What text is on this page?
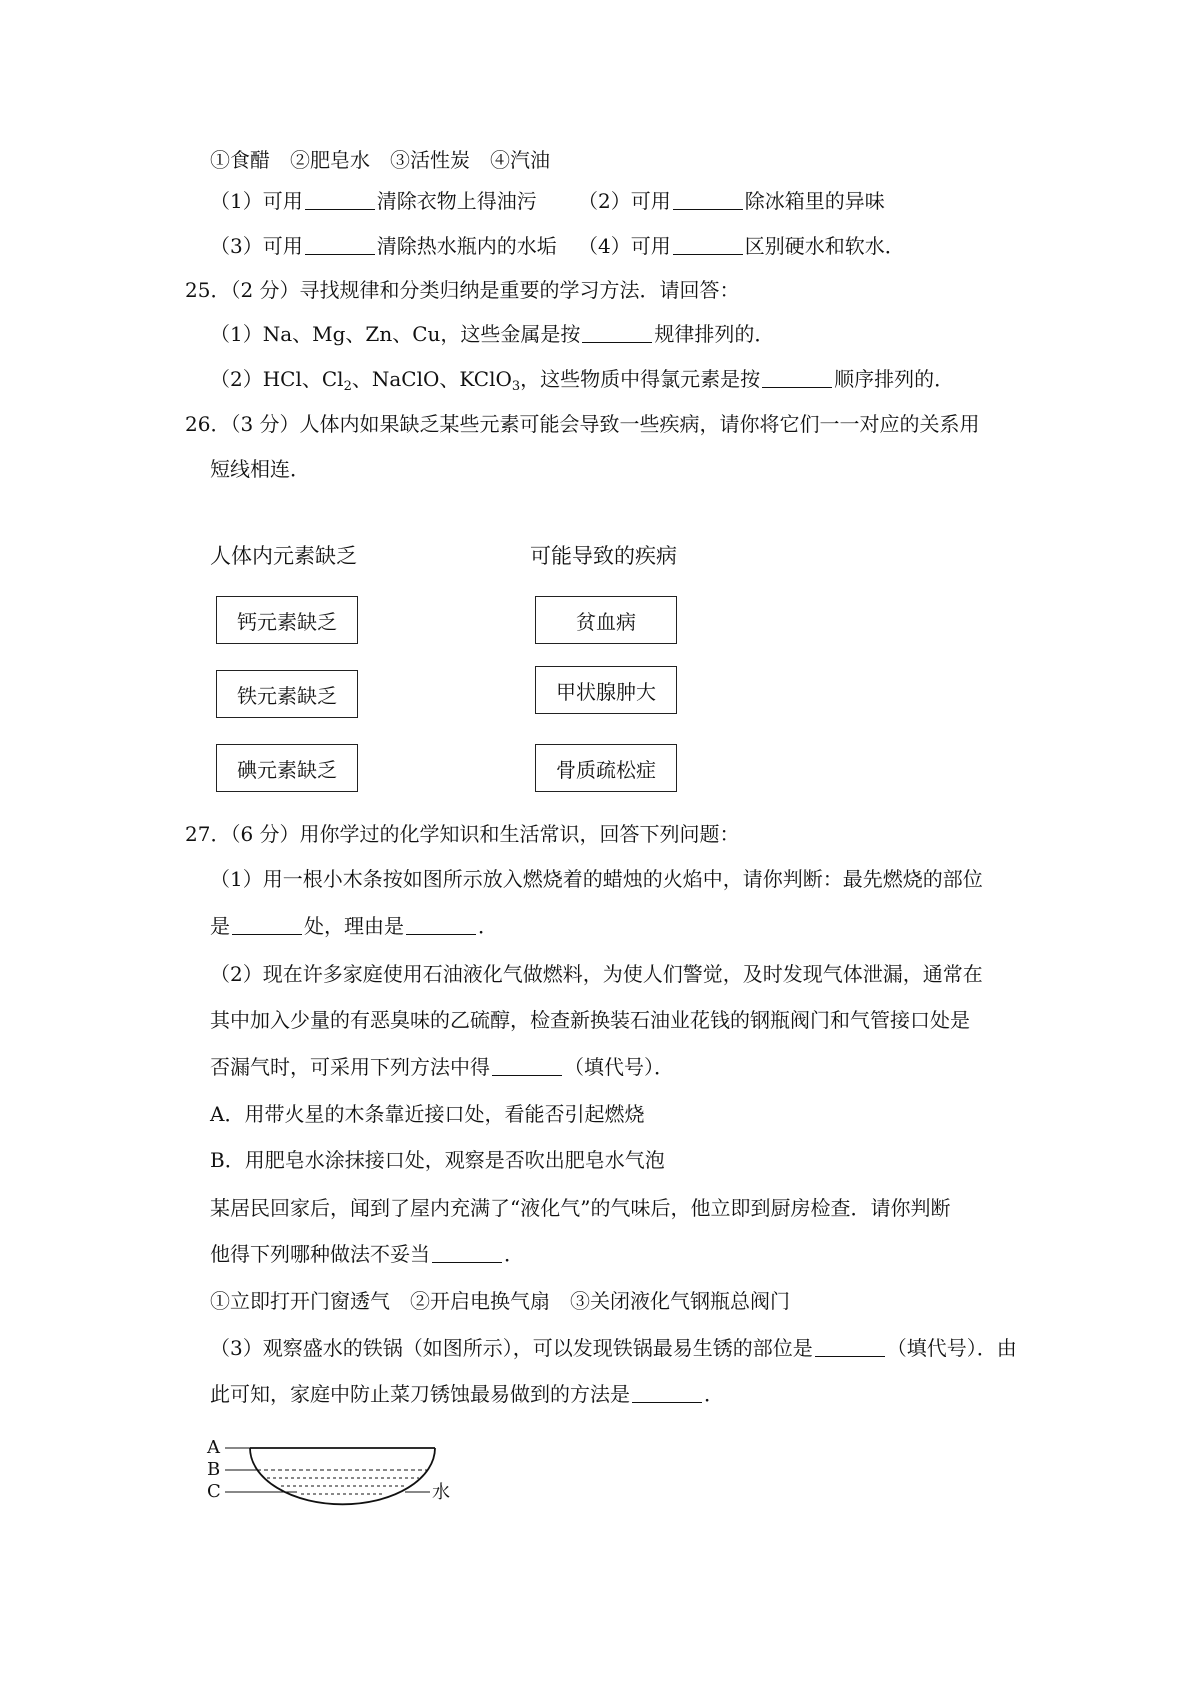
①食醋　②肥皂水　③活性炭　④汽油
（1）可用	清除衣物上得油污 （2）可用	除冰箱里的异味
（3）可用	清除热水瓶内的水垢 （4）可用	区别硬水和软水．
25．（2 分）寻找规律和分类归纳是重要的学习方法．请回答：
（1）Na、Mg、Zn、Cu，这些金属是按	规律排列的．
（2）HCl、$Cl_2$、NaClO、KClO$_3$，这些物质中得氯元素是按	顺序排列的．
26．（3 分）人体内如果缺乏某些元素可能会导致一些疾病，请你将它们一一对应的关系用
短线相连．
人体内元素缺乏	可能导致的疾病
钙元素缺乏
铁元素缺乏
碘元素缺乏
贫血病
甲状腺肿大
骨质疏松症
27．（6 分）用你学过的化学知识和生活常识，回答下列问题：
（1）用一根小木条按如图所示放入燃烧着的蜡烛的火焰中，请你判断：最先燃烧的部位
是	处，理由是	．
（2）现在许多家庭使用石油液化气做燃料，为使人们警觉，及时发现气体泄漏，通常在
其中加入少量的有恶臭味的乙硫醇，检查新换装石油业花钱的钢瓶阀门和气管接口处是
否漏气时，可采用下列方法中得	（填代号）．
A．用带火星的木条靠近接口处，看能否引起燃烧
B．用肥皂水涂抹接口处，观察是否吹出肥皂水气泡
某居民回家后，闻到了屋内充满了“液化气”的气味后，他立即到厨房检查．请你判断
他得下列哪种做法不妥当	．
①立即打开门窗透气　②开启电换气扇　③关闭液化气钢瓶总阀门
（3）观察盛水的铁锅（如图所示），可以发现铁锅最易生锈的部位是	（填代号）．由
此可知，家庭中防止菜刀锈蚀最易做到的方法是	．
A
B
C	水
